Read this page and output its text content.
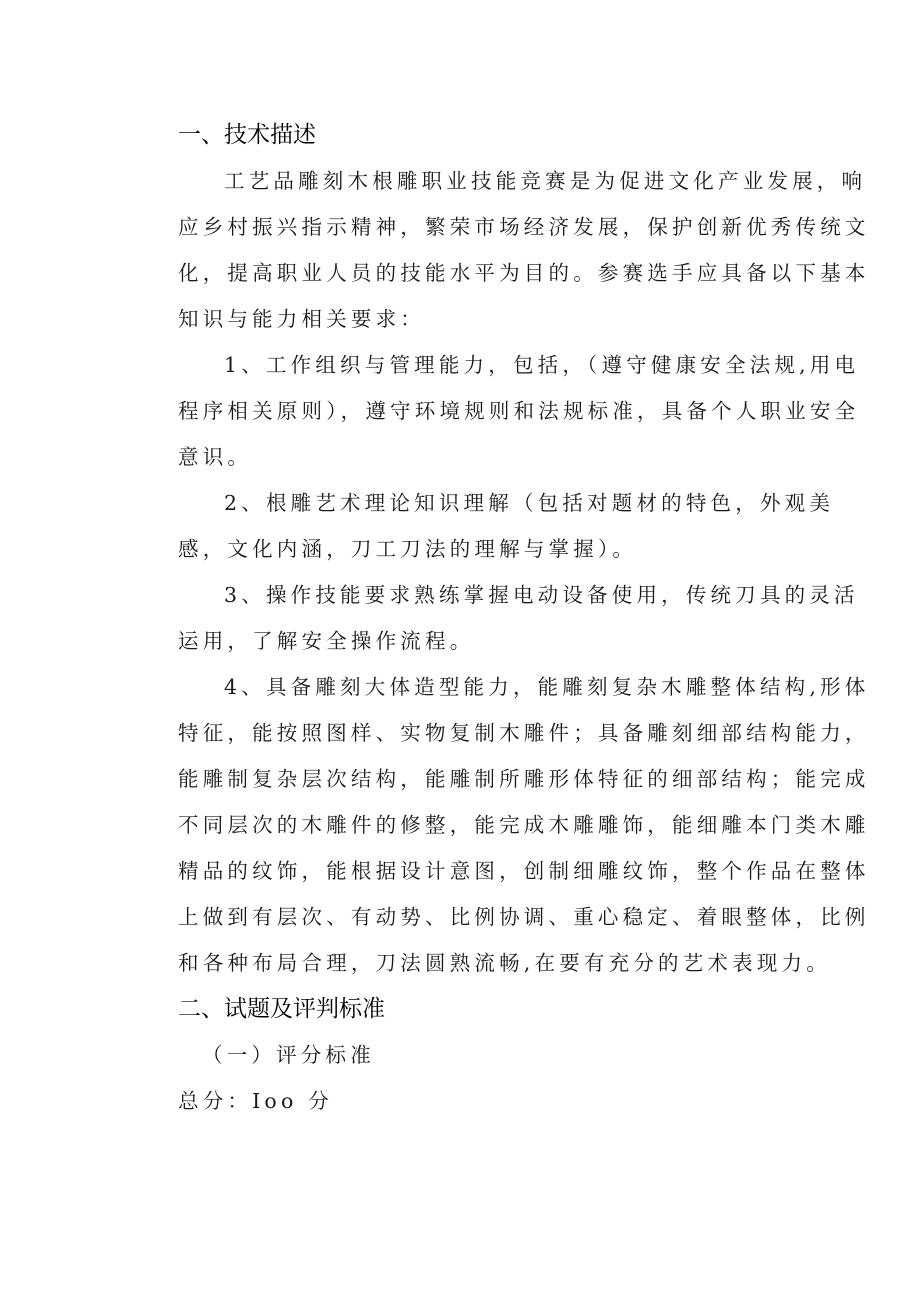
一、技术描述

工艺品雕刻木根雕职业技能竞赛是为促进文化产业发展，响
应乡村振兴指示精神，繁荣市场经济发展，保护创新优秀传统文
化，提高职业人员的技能水平为目的。参赛选手应具备以下基本
知识与能力相关要求：

1、工作组织与管理能力，包括，（遵守健康安全法规,用电
程序相关原则），遵守环境规则和法规标准，具备个人职业安全
意识。

2、根雕艺术理论知识理解（包括对题材的特色，外观美
感，文化内涵，刀工刀法的理解与掌握）。

3、操作技能要求熟练掌握电动设备使用，传统刀具的灵活
运用，了解安全操作流程。

4、具备雕刻大体造型能力，能雕刻复杂木雕整体结构,形体
特征，能按照图样、实物复制木雕件；具备雕刻细部结构能力，
能雕制复杂层次结构，能雕制所雕形体特征的细部结构；能完成
不同层次的木雕件的修整，能完成木雕雕饰，能细雕本门类木雕
精品的纹饰，能根据设计意图，创制细雕纹饰，整个作品在整体
上做到有层次、有动势、比例协调、重心稳定、着眼整体，比例
和各种布局合理，刀法圆熟流畅,在要有充分的艺术表现力。

二、试题及评判标准

（一）评分标准

总分：Ioo 分
